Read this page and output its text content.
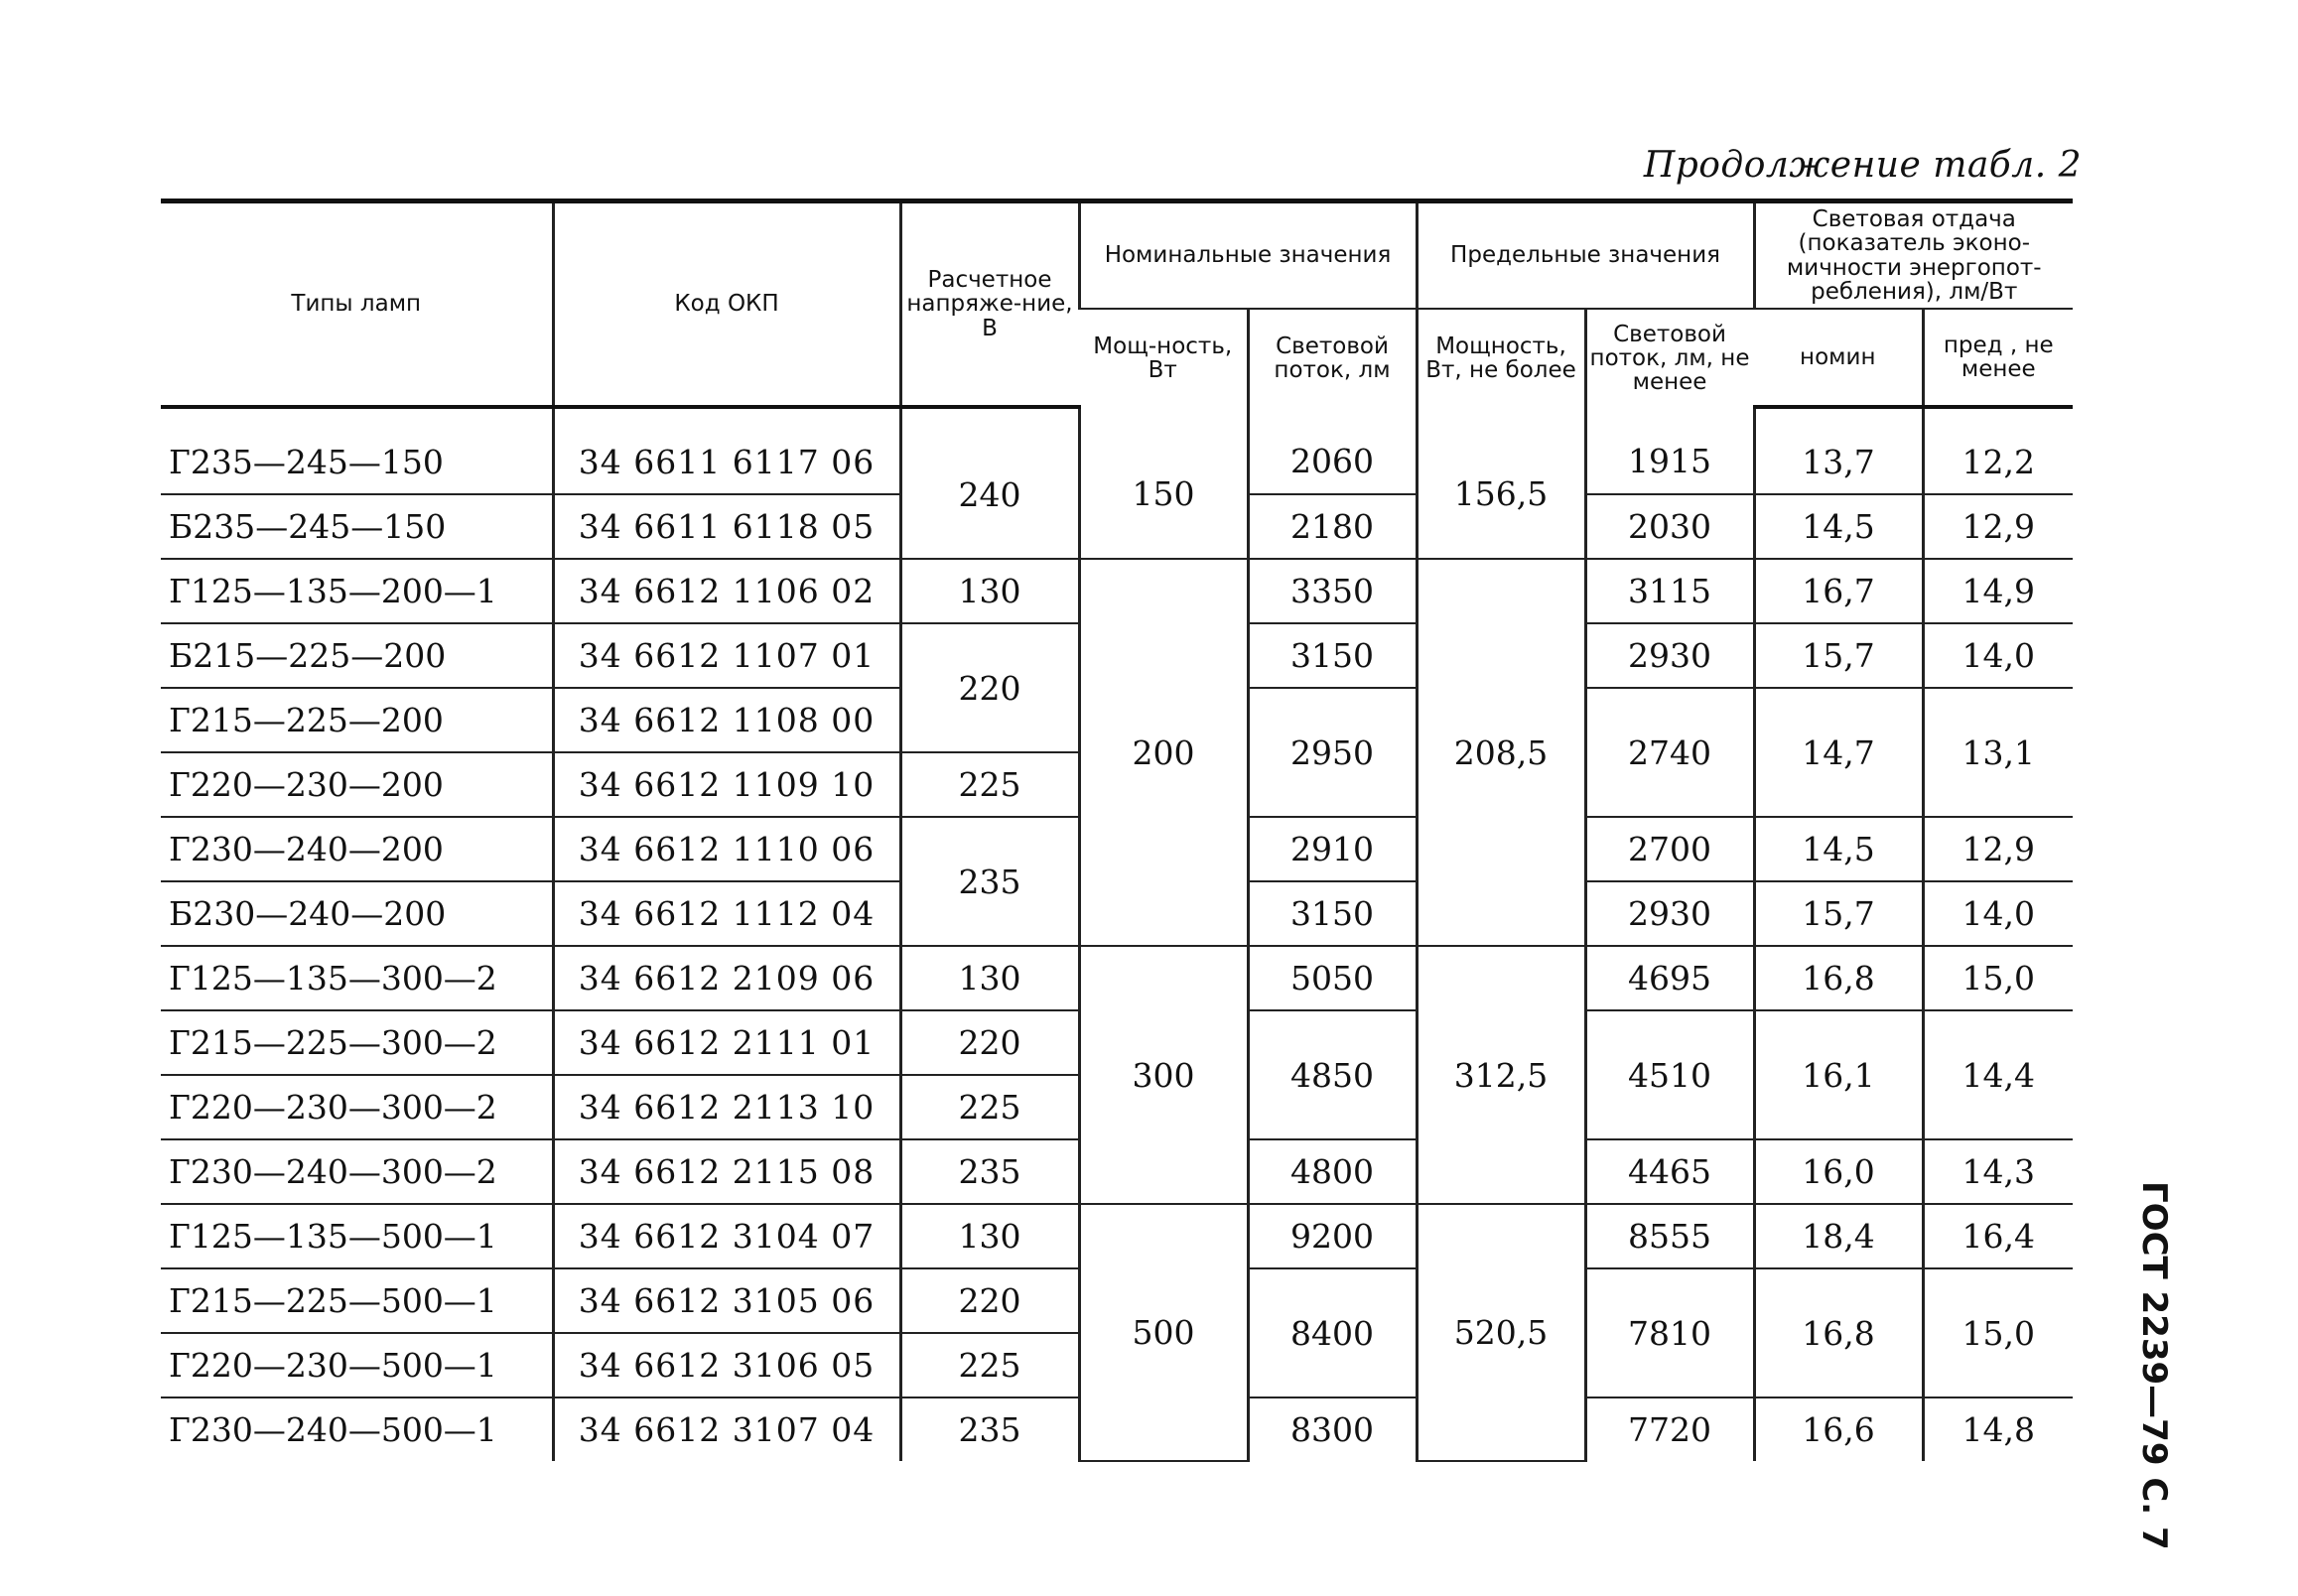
Продолжение табл. 2
ГОСТ 2239—79 С. 7
Типы ламп	Код ОКП	Расчетное напряже-ние, В	Номинальные значения		Предельные значения		Световая отдача (показатель эконо-мичности энергопот-ребления), лм/Вт	
			Мощ-ность, Вт	Световой поток, лм	Мощность, Вт, не более	Световой поток, лм, не менее		
							номин	пред , не менее
Г235—245—150	34 6611 6117 06	240	150	2060	156,5	1915	13,7	12,2
Б235—245—150	34 6611 6118 05			2180		2030	14,5	12,9
Г125—135—200—1	34 6612 1106 02	130	200	3350	208,5	3115	16,7	14,9
Б215—225—200	34 6612 1107 01	220		3150		2930	15,7	14,0
Г215—225—200	34 6612 1108 00			2950		2740	14,7	13,1
Г220—230—200	34 6612 1109 10	225						
Г230—240—200	34 6612 1110 06	235		2910		2700	14,5	12,9
Б230—240—200	34 6612 1112 04			3150		2930	15,7	14,0
Г125—135—300—2	34 6612 2109 06	130	300	5050	312,5	4695	16,8	15,0
Г215—225—300—2	34 6612 2111 01	220		4850		4510	16,1	14,4
Г220—230—300—2	34 6612 2113 10	225						
Г230—240—300—2	34 6612 2115 08	235		4800		4465	16,0	14,3
Г125—135—500—1	34 6612 3104 07	130	500	9200	520,5	8555	18,4	16,4
Г215—225—500—1	34 6612 3105 06	220		8400		7810	16,8	15,0
Г220—230—500—1	34 6612 3106 05	225						
Г230—240—500—1	34 6612 3107 04	235		8300		7720	16,6	14,8
